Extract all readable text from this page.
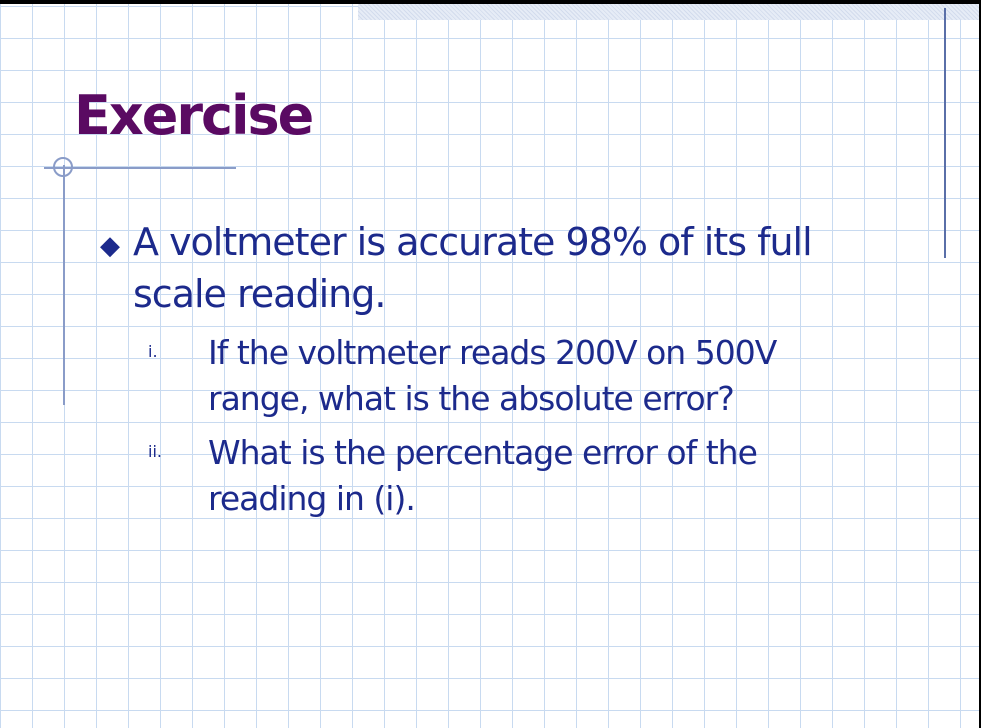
Exercise
◆ A voltmeter is accurate 98% of its full scale reading.
i. If the voltmeter reads 200V on 500V range, what is the absolute error?
ii. What is the percentage error of the reading in (i).
